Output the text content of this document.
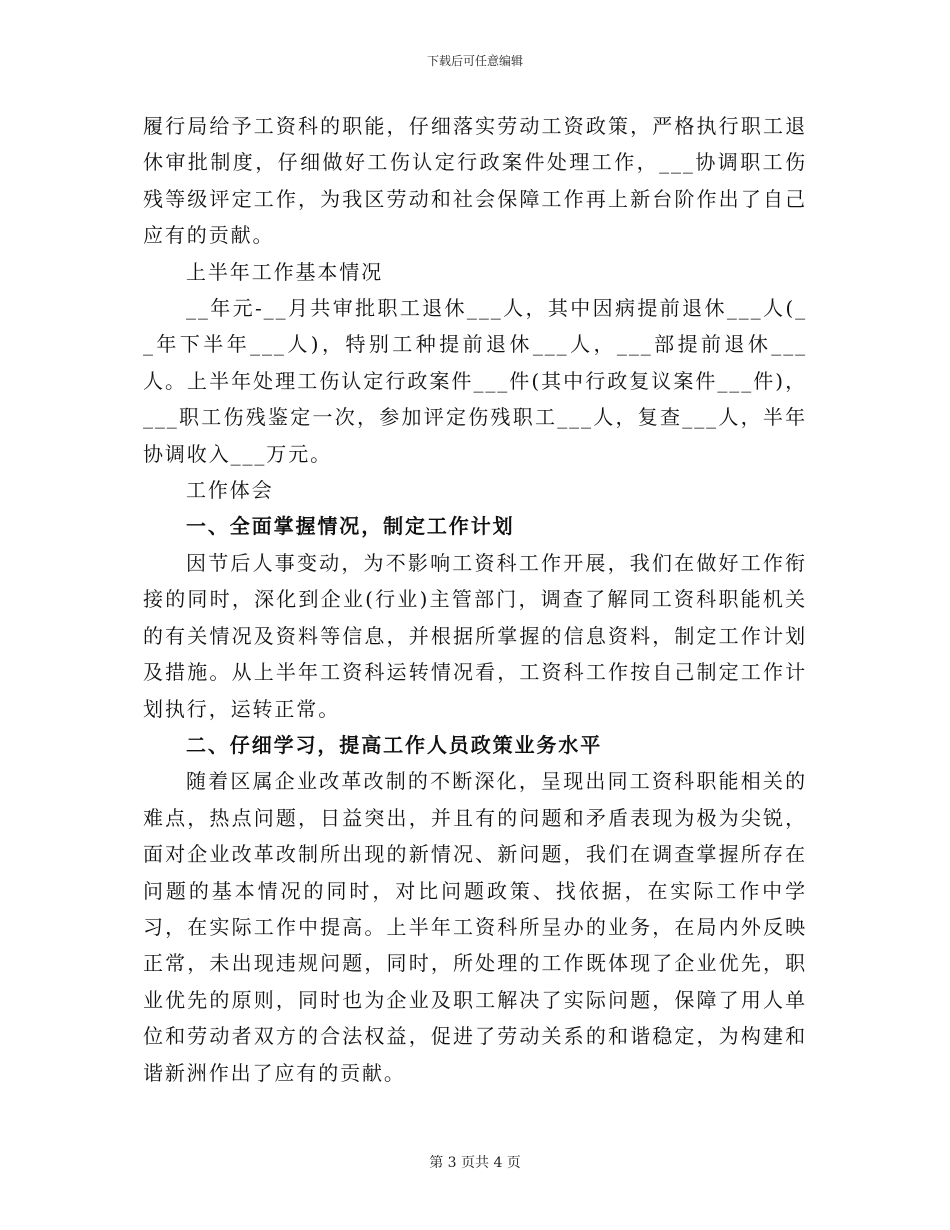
下载后可任意编辑

履行局给予工资科的职能，仔细落实劳动工资政策，严格执行职工退休审批制度，仔细做好工伤认定行政案件处理工作，___协调职工伤残等级评定工作，为我区劳动和社会保障工作再上新台阶作出了自己应有的贡献。

上半年工作基本情况

__年元-__月共审批职工退休___人，其中因病提前退休___人(__年下半年___人)，特别工种提前退休___人，___部提前退休___人。上半年处理工伤认定行政案件___件(其中行政复议案件___件)，___职工伤残鉴定一次，参加评定伤残职工___人，复查___人，半年协调收入___万元。

工作体会

一、全面掌握情况，制定工作计划

因节后人事变动，为不影响工资科工作开展，我们在做好工作衔接的同时，深化到企业(行业)主管部门，调查了解同工资科职能机关的有关情况及资料等信息，并根据所掌握的信息资料，制定工作计划及措施。从上半年工资科运转情况看，工资科工作按自己制定工作计划执行，运转正常。

二、仔细学习，提高工作人员政策业务水平

随着区属企业改革改制的不断深化，呈现出同工资科职能相关的难点，热点问题，日益突出，并且有的问题和矛盾表现为极为尖锐，面对企业改革改制所出现的新情况、新问题，我们在调查掌握所存在问题的基本情况的同时，对比问题政策、找依据，在实际工作中学习，在实际工作中提高。上半年工资科所呈办的业务，在局内外反映正常，未出现违规问题，同时，所处理的工作既体现了企业优先，职业优先的原则，同时也为企业及职工解决了实际问题，保障了用人单位和劳动者双方的合法权益，促进了劳动关系的和谐稳定，为构建和谐新洲作出了应有的贡献。

第 3 页共 4 页
